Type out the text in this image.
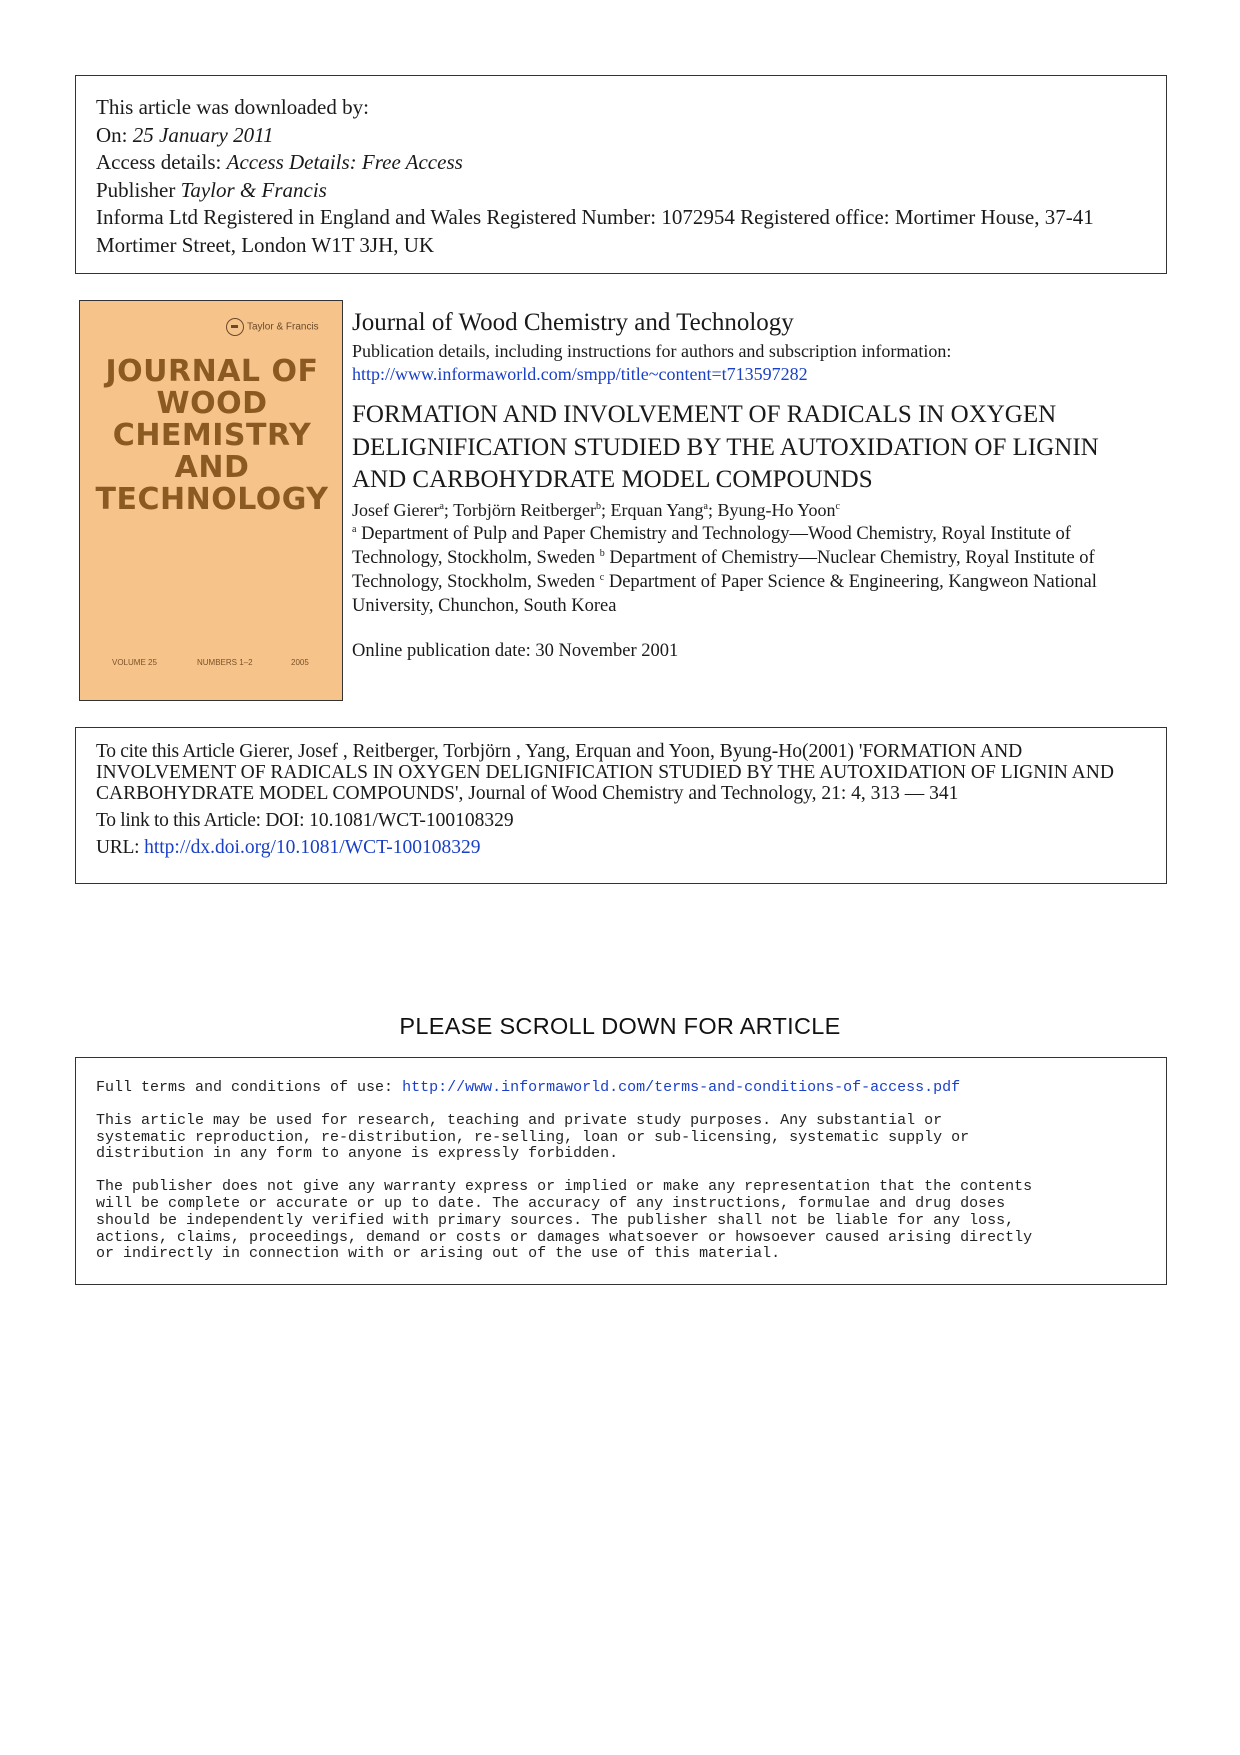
This article was downloaded by:
On: 25 January 2011
Access details: Access Details: Free Access
Publisher Taylor & Francis
Informa Ltd Registered in England and Wales Registered Number: 1072954 Registered office: Mortimer House, 37-41 Mortimer Street, London W1T 3JH, UK
Taylor & Francis
JOURNAL OF
WOOD
CHEMISTRY
AND
TECHNOLOGY
VOLUME 25	NUMBERS 1–2	2005
Journal of Wood Chemistry and Technology
Publication details, including instructions for authors and subscription information:
http://www.informaworld.com/smpp/title~content=t713597282
FORMATION AND INVOLVEMENT OF RADICALS IN OXYGEN
DELIGNIFICATION STUDIED BY THE AUTOXIDATION OF LIGNIN
AND CARBOHYDRATE MODEL COMPOUNDS
Josef Gierer$^a$; Torbjörn Reitberger$^b$; Erquan Yang$^a$; Byung-Ho Yoon$^c$
$^a$ Department of Pulp and Paper Chemistry and Technology—Wood Chemistry, Royal Institute of Technology, Stockholm, Sweden $^b$ Department of Chemistry—Nuclear Chemistry, Royal Institute of Technology, Stockholm, Sweden $^c$ Department of Paper Science & Engineering, Kangweon National University, Chunchon, South Korea
Online publication date: 30 November 2001
To cite this Article Gierer, Josef , Reitberger, Torbjörn , Yang, Erquan and Yoon, Byung-Ho(2001) 'FORMATION AND INVOLVEMENT OF RADICALS IN OXYGEN DELIGNIFICATION STUDIED BY THE AUTOXIDATION OF LIGNIN AND CARBOHYDRATE MODEL COMPOUNDS', Journal of Wood Chemistry and Technology, 21: 4, 313 — 341
To link to this Article: DOI: 10.1081/WCT-100108329
URL: http://dx.doi.org/10.1081/WCT-100108329
PLEASE SCROLL DOWN FOR ARTICLE

Full terms and conditions of use: http://www.informaworld.com/terms-and-conditions-of-access.pdf

This article may be used for research, teaching and private study purposes. Any substantial or
systematic reproduction, re-distribution, re-selling, loan or sub-licensing, systematic supply or
distribution in any form to anyone is expressly forbidden.

The publisher does not give any warranty express or implied or make any representation that the contents
will be complete or accurate or up to date. The accuracy of any instructions, formulae and drug doses
should be independently verified with primary sources. The publisher shall not be liable for any loss,
actions, claims, proceedings, demand or costs or damages whatsoever or howsoever caused arising directly
or indirectly in connection with or arising out of the use of this material.
